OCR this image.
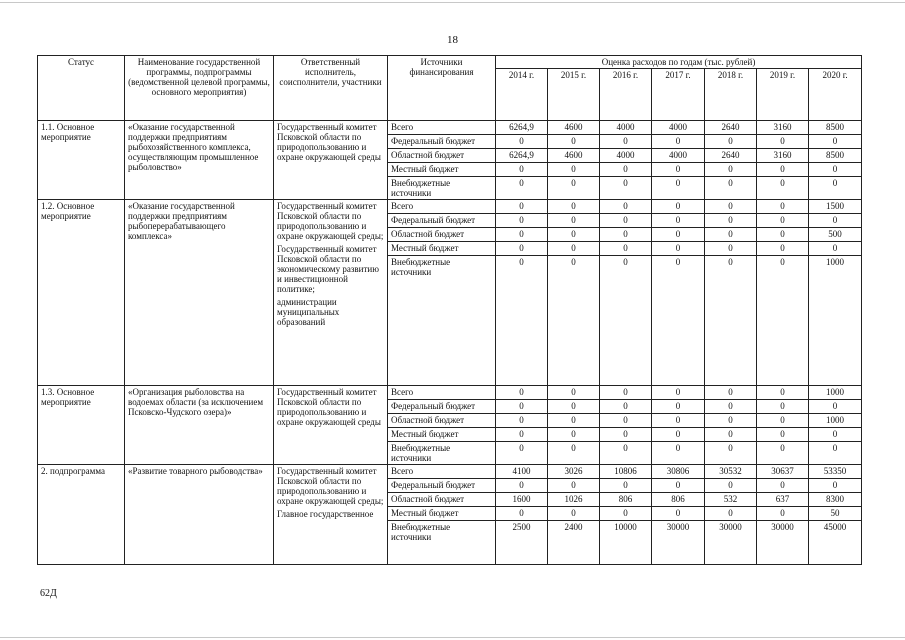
18
Статус	Наименование государственной программы, подпрограммы (ведомственной целевой программы, основного мероприятия)	Ответственный исполнитель, соисполнители, участники	Источники финансирования	Оценка расходов по годам (тыс. рублей)						
				2014 г.	2015 г.	2016 г.	2017 г.	2018 г.	2019 г.	2020 г.
1.1. Основное мероприятие	«Оказание государственной поддержки предприятиям рыбохозяйственного комплекса, осуществляющим промышленное рыболовство»	Государственный комитет Псковской области по природопользованию и охране окружающей среды	Всего	6264,9	4600	4000	4000	2640	3160	8500
			Федеральный бюджет	0	0	0	0	0	0	0
			Областной бюджет	6264,9	4600	4000	4000	2640	3160	8500
			Местный бюджет	0	0	0	0	0	0	0
			Внебюджетные источники	0	0	0	0	0	0	0
1.2. Основное мероприятие	«Оказание государственной поддержки предприятиям рыбоперерабатывающего комплекса»	Государственный комитет Псковской области по природопользованию и охране окружающей среды;
Государственный комитет Псковской области по экономическому развитию и инвестиционной политике;
администрации муниципальных образований	Всего	0	0	0	0	0	0	1500
			Федеральный бюджет	0	0	0	0	0	0	0
			Областной бюджет	0	0	0	0	0	0	500
			Местный бюджет	0	0	0	0	0	0	0
			Внебюджетные источники	0	0	0	0	0	0	1000
1.3. Основное мероприятие	«Организация рыболовства на водоемах области (за исключением Псковско-Чудского озера)»	Государственный комитет Псковской области по природопользованию и охране окружающей среды	Всего	0	0	0	0	0	0	1000
			Федеральный бюджет	0	0	0	0	0	0	0
			Областной бюджет	0	0	0	0	0	0	1000
			Местный бюджет	0	0	0	0	0	0	0
			Внебюджетные источники	0	0	0	0	0	0	0
2. подпрограмма	«Развитие товарного рыбоводства»	Государственный комитет Псковской области по природопользованию и охране окружающей среды;
Главное государственное	Всего	4100	3026	10806	30806	30532	30637	53350
			Федеральный бюджет	0	0	0	0	0	0	0
			Областной бюджет	1600	1026	806	806	532	637	8300
			Местный бюджет	0	0	0	0	0	0	50
			Внебюджетные источники	2500	2400	10000	30000	30000	30000	45000
62Д
